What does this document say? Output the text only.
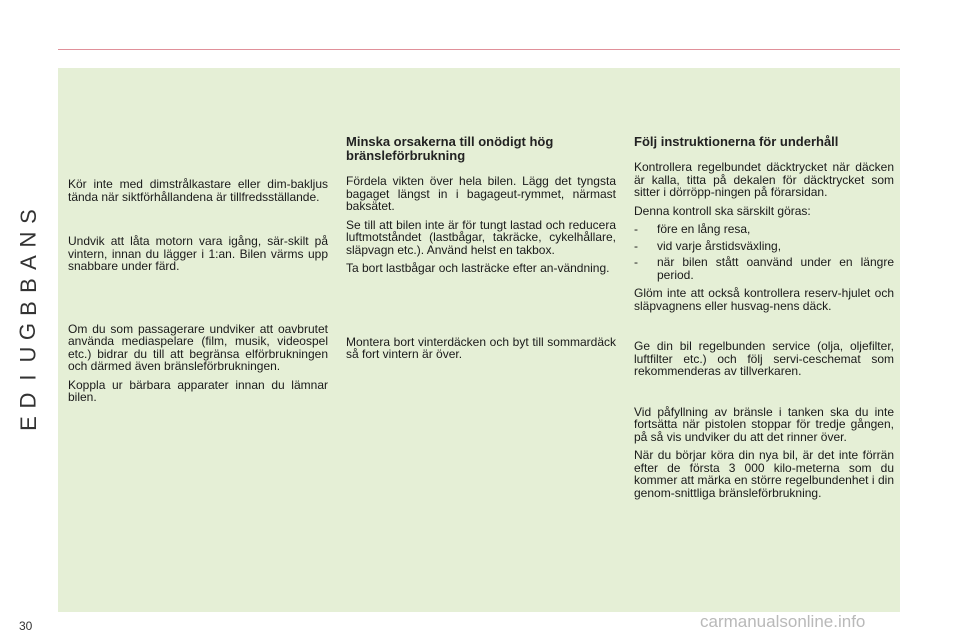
S
N
A
B
B
G
U
I
D
E

Kör inte med dimstrålkastare eller dim-bakljus tända när siktförhållandena är tillfredsställande.

Undvik att låta motorn vara igång, sär-skilt på vintern, innan du lägger i 1:an. Bilen värms upp snabbare under färd.

Om du som passagerare undviker att oavbrutet använda mediaspelare (film, musik, videospel etc.) bidrar du till att begränsa elförbrukningen och därmed även bränsleförbrukningen.

Koppla ur bärbara apparater innan du lämnar bilen.

Minska orsakerna till onödigt hög bränsleförbrukning

Fördela vikten över hela bilen. Lägg det tyngsta bagaget längst in i bagageut-rymmet, närmast baksätet.

Se till att bilen inte är för tungt lastad och reducera luftmotståndet (lastbågar, takräcke, cykelhållare, släpvagn etc.). Använd helst en takbox.

Ta bort lastbågar och lasträcke efter an-vändning.

Montera bort vinterdäcken och byt till sommardäck så fort vintern är över.

Följ instruktionerna för underhåll

Kontrollera regelbundet däcktrycket när däcken är kalla, titta på dekalen för däcktrycket som sitter i dörröpp-ningen på förarsidan.

Denna kontroll ska särskilt göras:

- före en lång resa,
- vid varje årstidsväxling,
- när bilen stått oanvänd under en längre period.

Glöm inte att också kontrollera reserv-hjulet och släpvagnens eller husvag-nens däck.

Ge din bil regelbunden service (olja, oljefilter, luftfilter etc.) och följ servi-ceschemat som rekommenderas av tillverkaren.

Vid påfyllning av bränsle i tanken ska du inte fortsätta när pistolen stoppar för tredje gången, på så vis undviker du att det rinner över.

När du börjar köra din nya bil, är det inte förrän efter de första 3 000 kilo-meterna som du kommer att märka en större regelbundenhet i din genom-snittliga bränsleförbrukning.

30	carmanualsonline.info
